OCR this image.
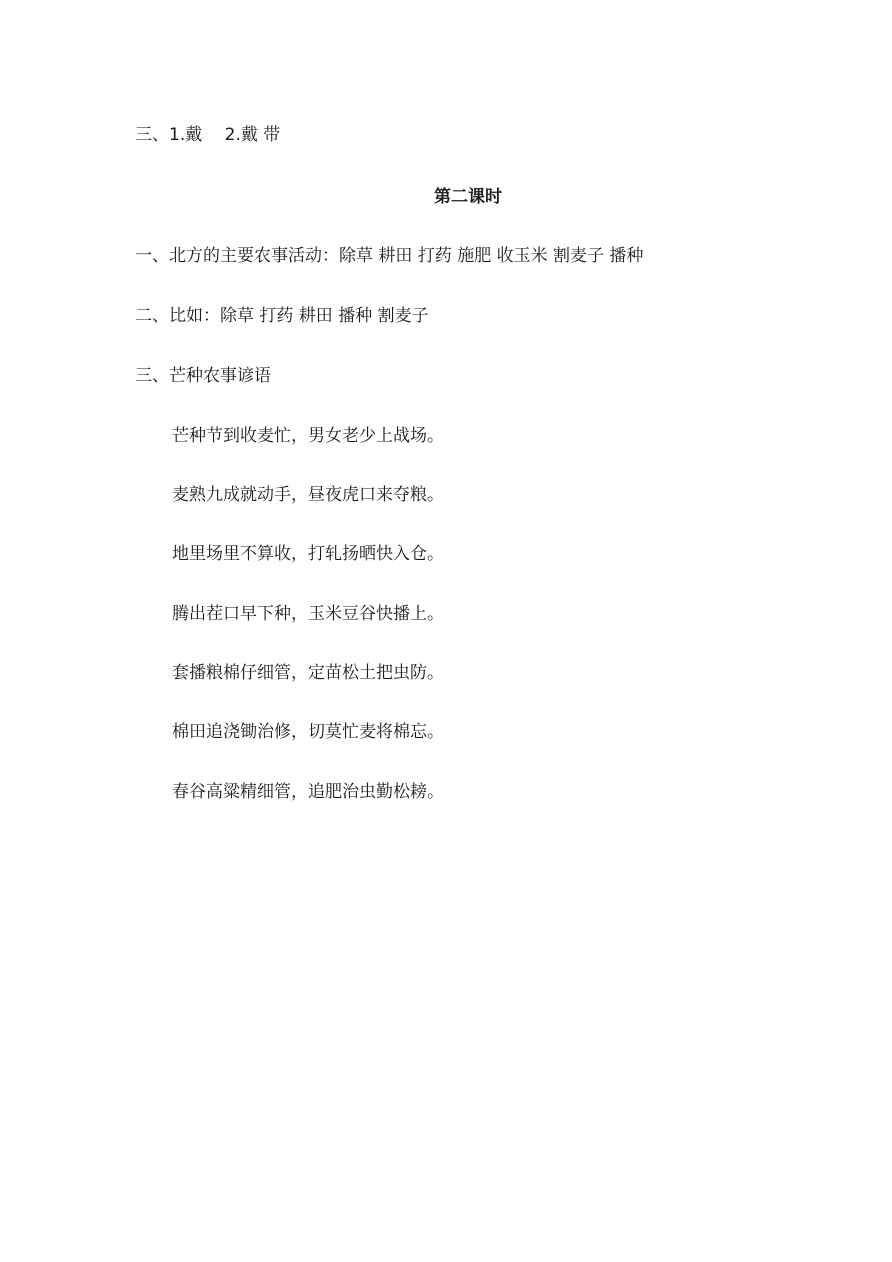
三、1.戴　 2.戴 带
第二课时
一、北方的主要农事活动：除草 耕田 打药 施肥 收玉米 割麦子 播种
二、比如：除草 打药 耕田 播种 割麦子
三、芒种农事谚语
芒种节到收麦忙，男女老少上战场。
麦熟九成就动手，昼夜虎口来夺粮。
地里场里不算收，打轧扬晒快入仓。
腾出茬口早下种，玉米豆谷快播上。
套播粮棉仔细管，定苗松土把虫防。
棉田追浇锄治修，切莫忙麦将棉忘。
春谷高粱精细管，追肥治虫勤松耪。
